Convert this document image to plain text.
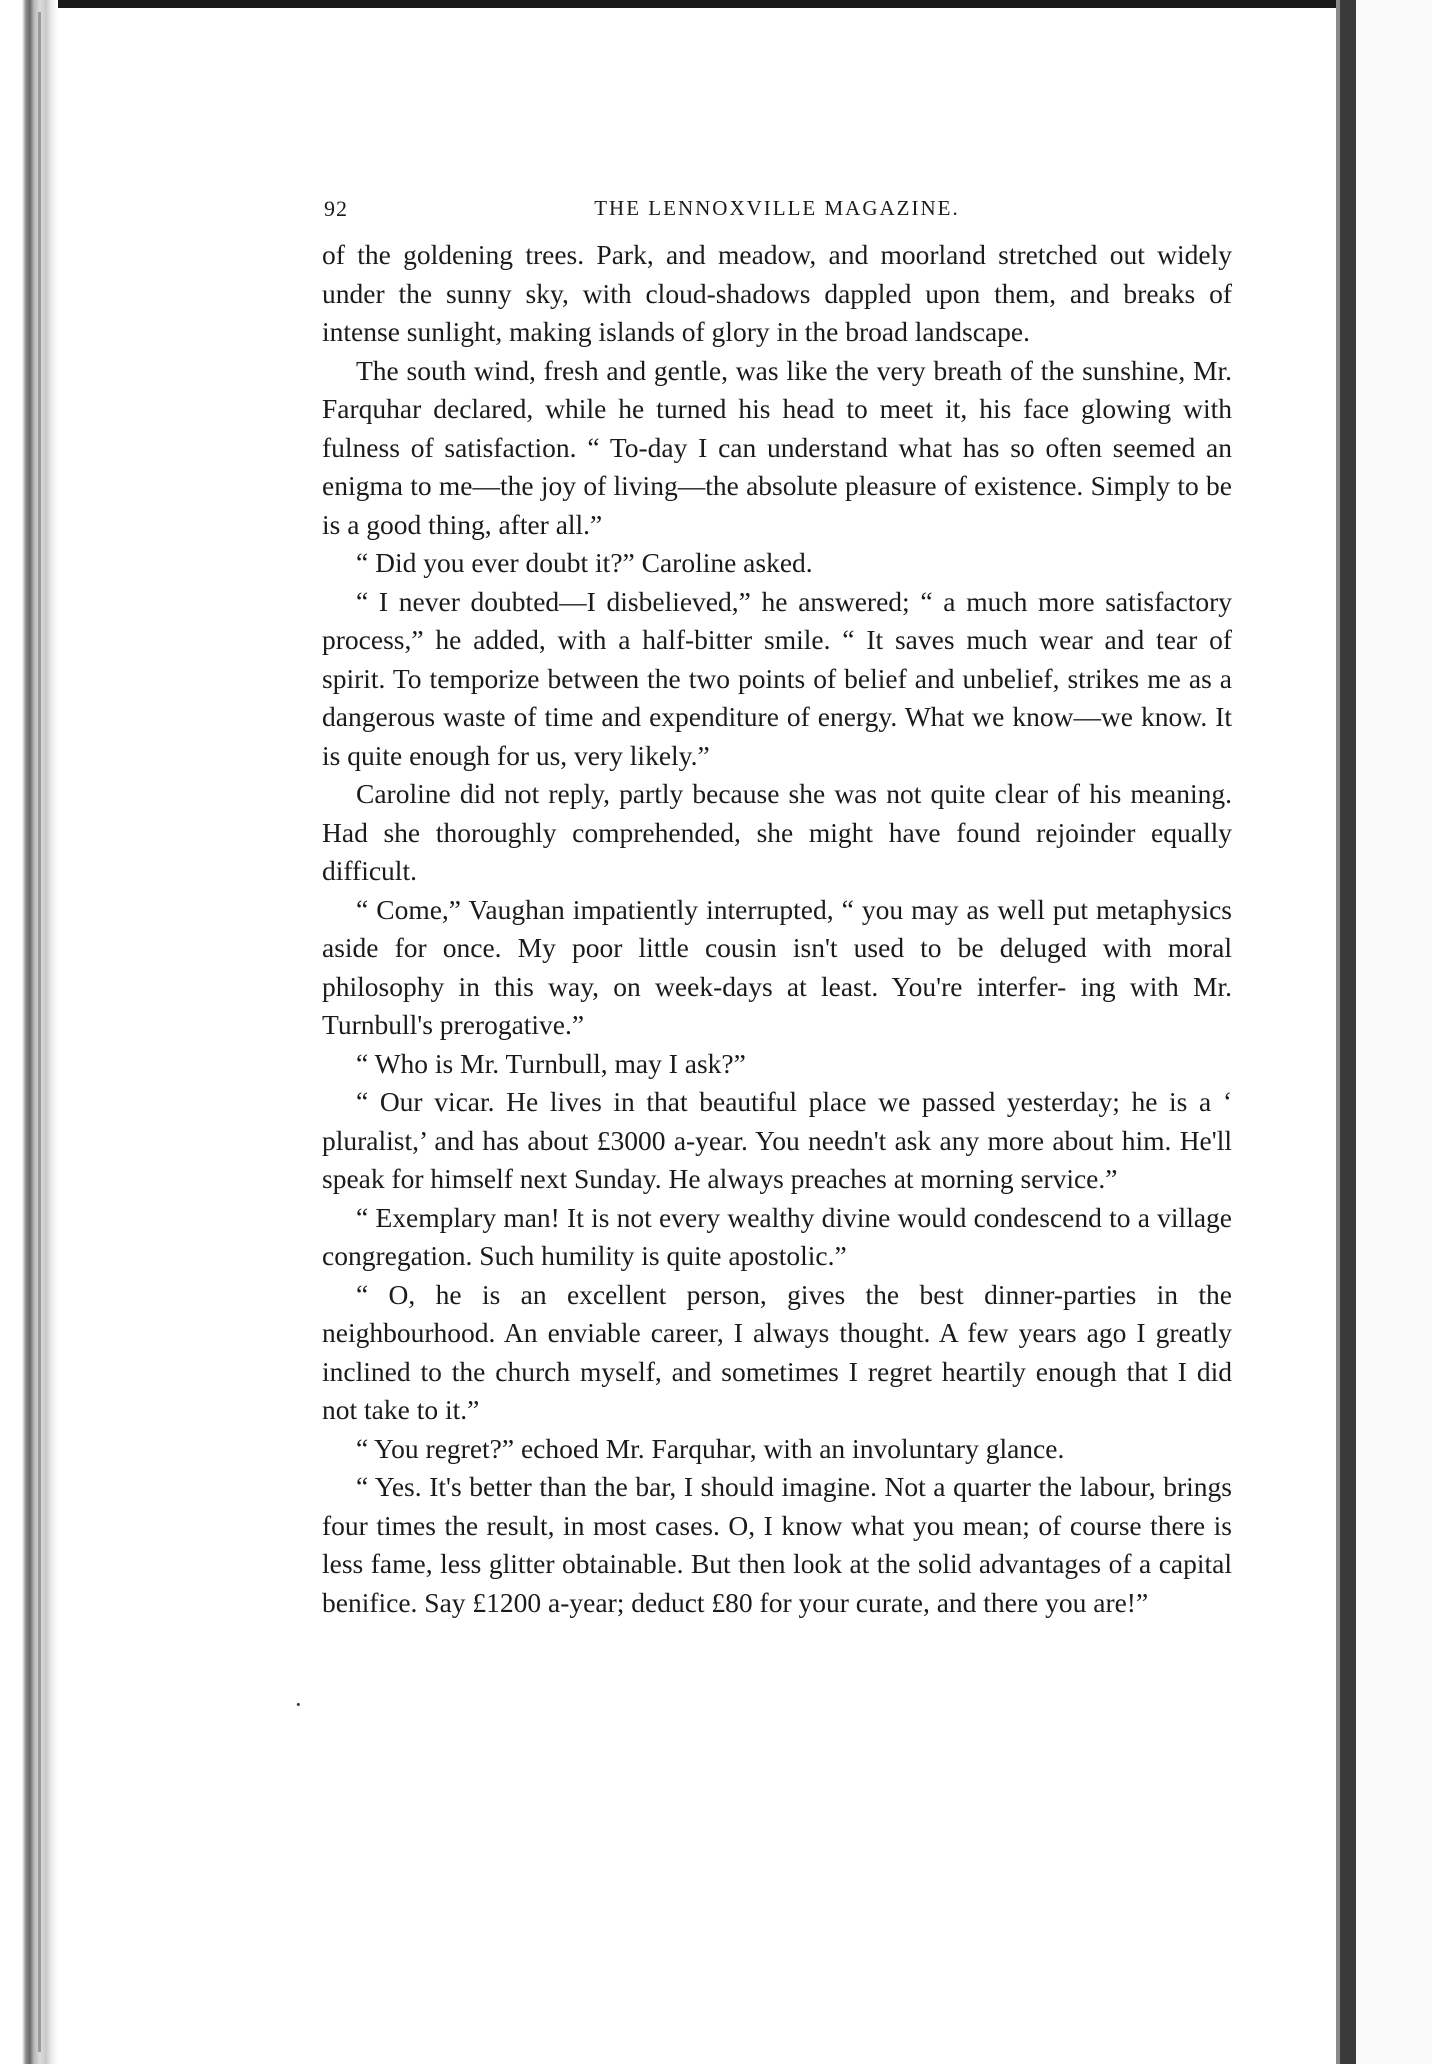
92	THE LENNOXVILLE MAGAZINE.

of the goldening trees. Park, and meadow, and moorland stretched out widely under the sunny sky, with cloud-shadows dappled upon them, and breaks of intense sunlight, making islands of glory in the broad landscape.

The south wind, fresh and gentle, was like the very breath of the sunshine, Mr. Farquhar declared, while he turned his head to meet it, his face glowing with fulness of satisfaction. “ To-day I can understand what has so often seemed an enigma to me—the joy of living—the absolute pleasure of existence. Simply to be is a good thing, after all.”

“ Did you ever doubt it?” Caroline asked.

“ I never doubted—I disbelieved,” he answered; “ a much more satisfactory process,” he added, with a half-bitter smile. “ It saves much wear and tear of spirit. To temporize between the two points of belief and unbelief, strikes me as a dangerous waste of time and expenditure of energy. What we know—we know. It is quite enough for us, very likely.”

Caroline did not reply, partly because she was not quite clear of his meaning. Had she thoroughly comprehended, she might have found rejoinder equally difficult.

“ Come,” Vaughan impatiently interrupted, “ you may as well put metaphysics aside for once. My poor little cousin isn't used to be deluged with moral philosophy in this way, on week-days at least. You're interfer- ing with Mr. Turnbull's prerogative.”

“ Who is Mr. Turnbull, may I ask?”

“ Our vicar. He lives in that beautiful place we passed yesterday; he is a ‘ pluralist,’ and has about £3000 a-year. You needn't ask any more about him. He'll speak for himself next Sunday. He always preaches at morning service.”

“ Exemplary man! It is not every wealthy divine would condescend to a village congregation. Such humility is quite apostolic.”

“ O, he is an excellent person, gives the best dinner-parties in the neighbourhood. An enviable career, I always thought. A few years ago I greatly inclined to the church myself, and sometimes I regret heartily enough that I did not take to it.”

“ You regret?” echoed Mr. Farquhar, with an involuntary glance.

“ Yes. It's better than the bar, I should imagine. Not a quarter the labour, brings four times the result, in most cases. O, I know what you mean; of course there is less fame, less glitter obtainable. But then look at the solid advantages of a capital benifice. Say £1200 a-year; deduct £80 for your curate, and there you are!”

·
